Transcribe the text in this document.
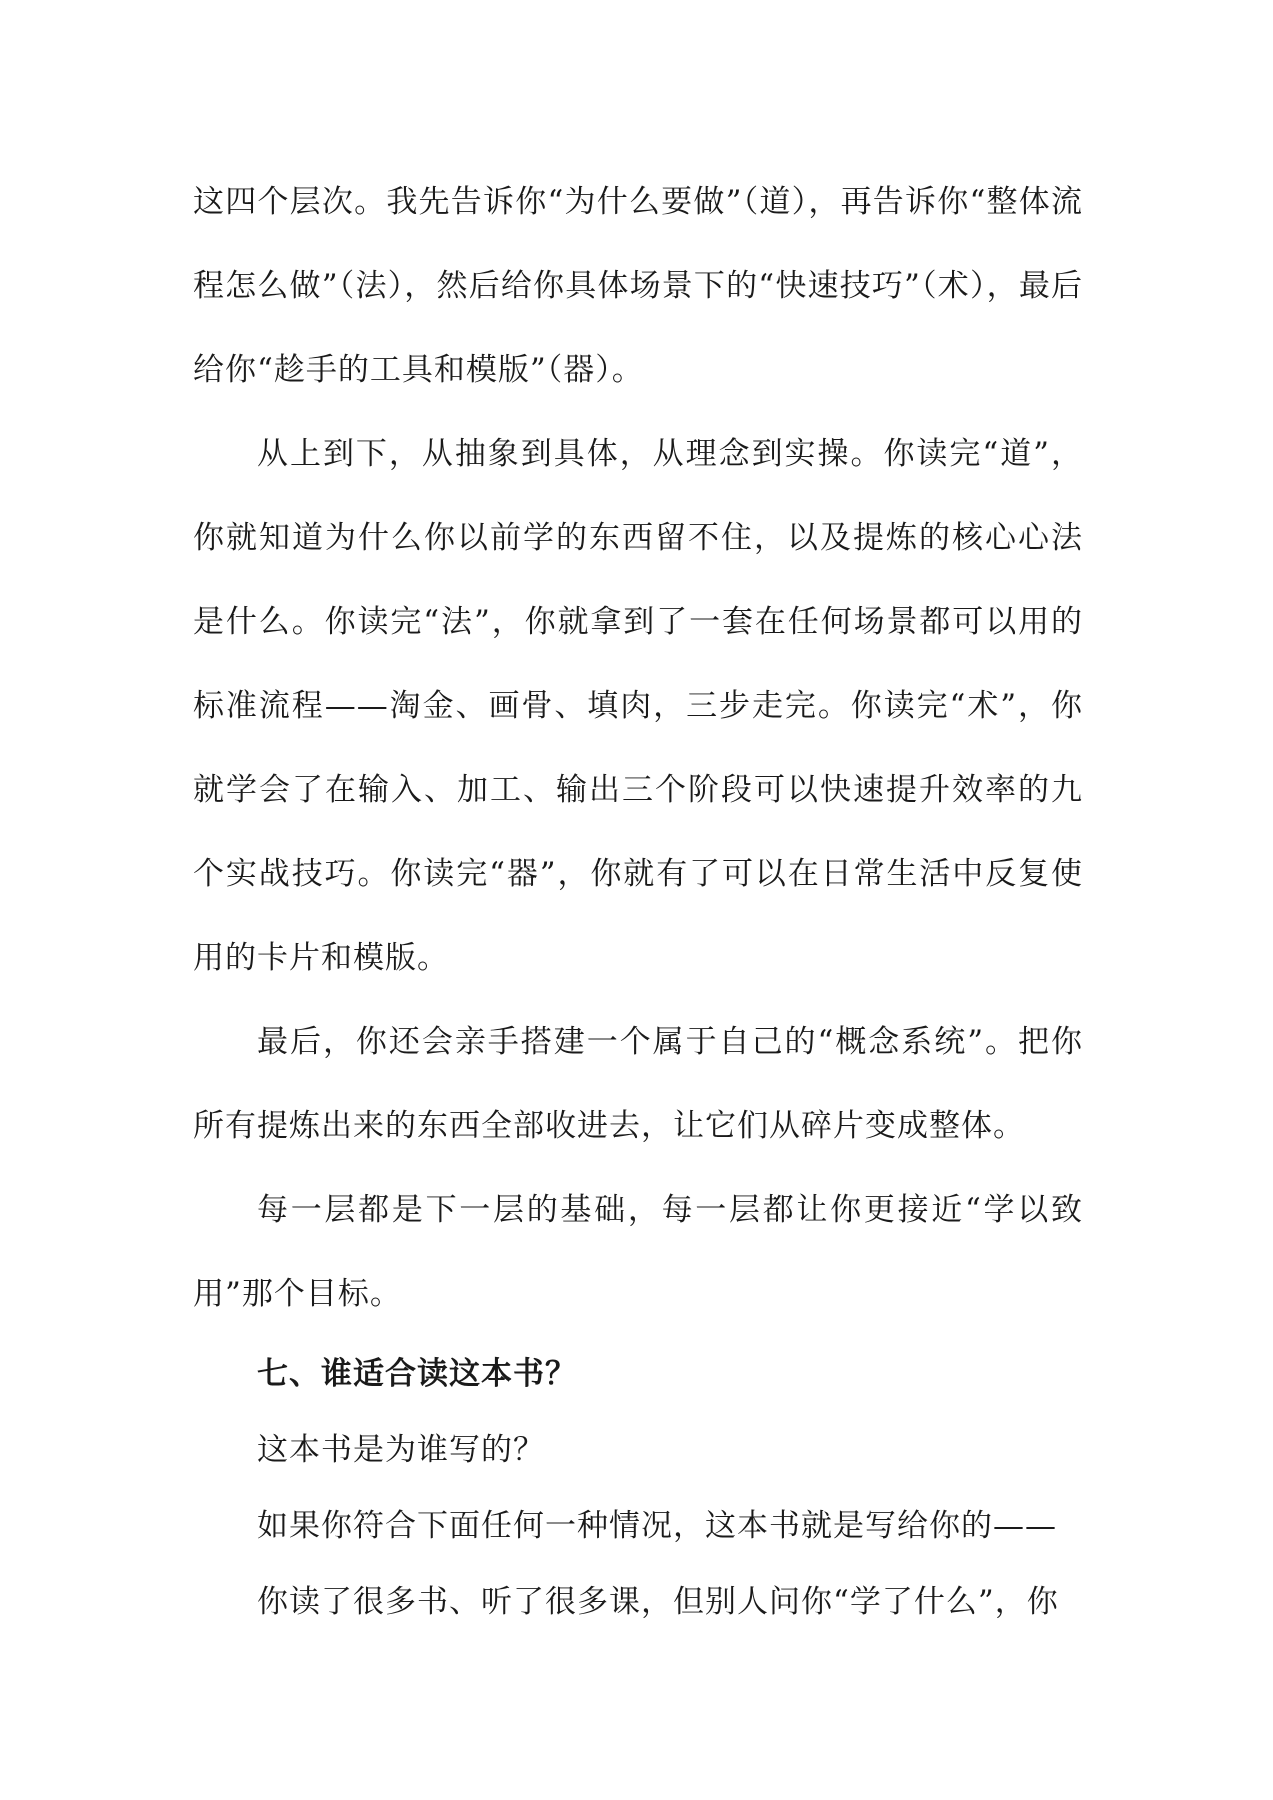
这四个层次。我先告诉你“为什么要做”（道），再告诉你“整体流程怎么做”（法），然后给你具体场景下的“快速技巧”（术），最后给你“趁手的工具和模版”（器）。

从上到下，从抽象到具体，从理念到实操。你读完“道”，你就知道为什么你以前学的东西留不住，以及提炼的核心心法是什么。你读完“法”，你就拿到了一套在任何场景都可以用的标准流程——淘金、画骨、填肉，三步走完。你读完“术”，你就学会了在输入、加工、输出三个阶段可以快速提升效率的九个实战技巧。你读完“器”，你就有了可以在日常生活中反复使用的卡片和模版。

最后，你还会亲手搭建一个属于自己的“概念系统”。把你所有提炼出来的东西全部收进去，让它们从碎片变成整体。

每一层都是下一层的基础，每一层都让你更接近“学以致用”那个目标。

七、谁适合读这本书？

这本书是为谁写的？

如果你符合下面任何一种情况，这本书就是写给你的——

你读了很多书、听了很多课，但别人问你“学了什么”，你
